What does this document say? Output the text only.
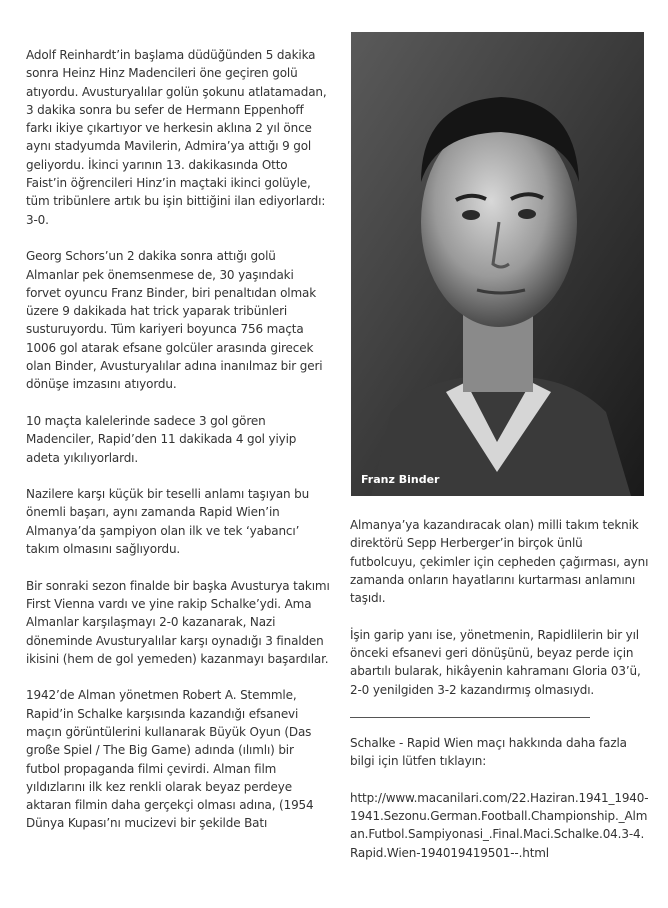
Adolf Reinhardt’in başlama düdüğünden 5 dakika sonra Heinz Hinz Madencileri öne geçiren golü atıyordu. Avusturyalılar golün şokunu atlatamadan, 3 dakika sonra bu sefer de Hermann Eppenhoff farkı ikiye çıkartıyor ve herkesin aklına 2 yıl önce aynı stadyumda Mavilerin, Admira’ya attığı 9 gol geliyordu. İkinci yarının 13. dakikasında Otto Faist’in öğrencileri Hinz’in maçtaki ikinci golüyle, tüm tribünlere artık bu işin bittiğini ilan ediyorlardı: 3-0.

Georg Schors’un 2 dakika sonra attığı golü Almanlar pek önemsenmese de, 30 yaşındaki forvet oyuncu Franz Binder, biri penaltıdan olmak üzere 9 dakikada hat trick yaparak tribünleri susturuyordu. Tüm kariyeri boyunca 756 maçta 1006 gol atarak efsane golcüler arasında girecek olan Binder, Avusturyalılar adına inanılmaz bir geri dönüşe imzasını atıyordu.

10 maçta kalelerinde sadece 3 gol gören Madenciler, Rapid’den 11 dakikada 4 gol yiyip adeta yıkılıyorlardı.

Nazilere karşı küçük bir teselli anlamı taşıyan bu önemli başarı, aynı zamanda Rapid Wien’in Almanya’da şampiyon olan ilk ve tek ‘yabancı’ takım olmasını sağlıyordu.

Bir sonraki sezon finalde bir başka Avusturya takımı First Vienna vardı ve yine rakip Schalke’ydi. Ama Almanlar karşılaşmayı 2-0 kazanarak, Nazi döneminde Avusturyalılar karşı oynadığı 3 finalden ikisini (hem de gol yemeden) kazanmayı başardılar.

1942’de Alman yönetmen Robert A. Stemmle, Rapid’in Schalke karşısında kazandığı efsanevi maçın görüntülerini kullanarak Büyük Oyun (Das große Spiel / The Big Game) adında (ılımlı) bir futbol propaganda filmi çevirdi. Alman film yıldızlarını ilk kez renkli olarak beyaz perdeye aktaran filmin daha gerçekçi olması adına, (1954 Dünya Kupası’nı mucizevi bir şekilde Batı

Franz Binder

Almanya’ya kazandıracak olan) milli takım teknik direktörü Sepp Herberger’in birçok ünlü futbolcuyu, çekimler için cepheden çağırması, aynı zamanda onların hayatlarını kurtarması anlamını taşıdı.

İşin garip yanı ise, yönetmenin, Rapidlilerin bir yıl önceki efsanevi geri dönüşünü, beyaz perde için abartılı bularak, hikâyenin kahramanı Gloria 03’ü, 2-0 yenilgiden 3-2 kazandırmış olmasıydı.

Schalke - Rapid Wien maçı hakkında daha fazla bilgi için lütfen tıklayın:

http://www.macanilari.com/22.Haziran.1941_1940-1941.Sezonu.German.Football.Championship._Alman.Futbol.Sampiyonasi_.Final.Maci.Schalke.04.3-4.Rapid.Wien-194019419501--.html
